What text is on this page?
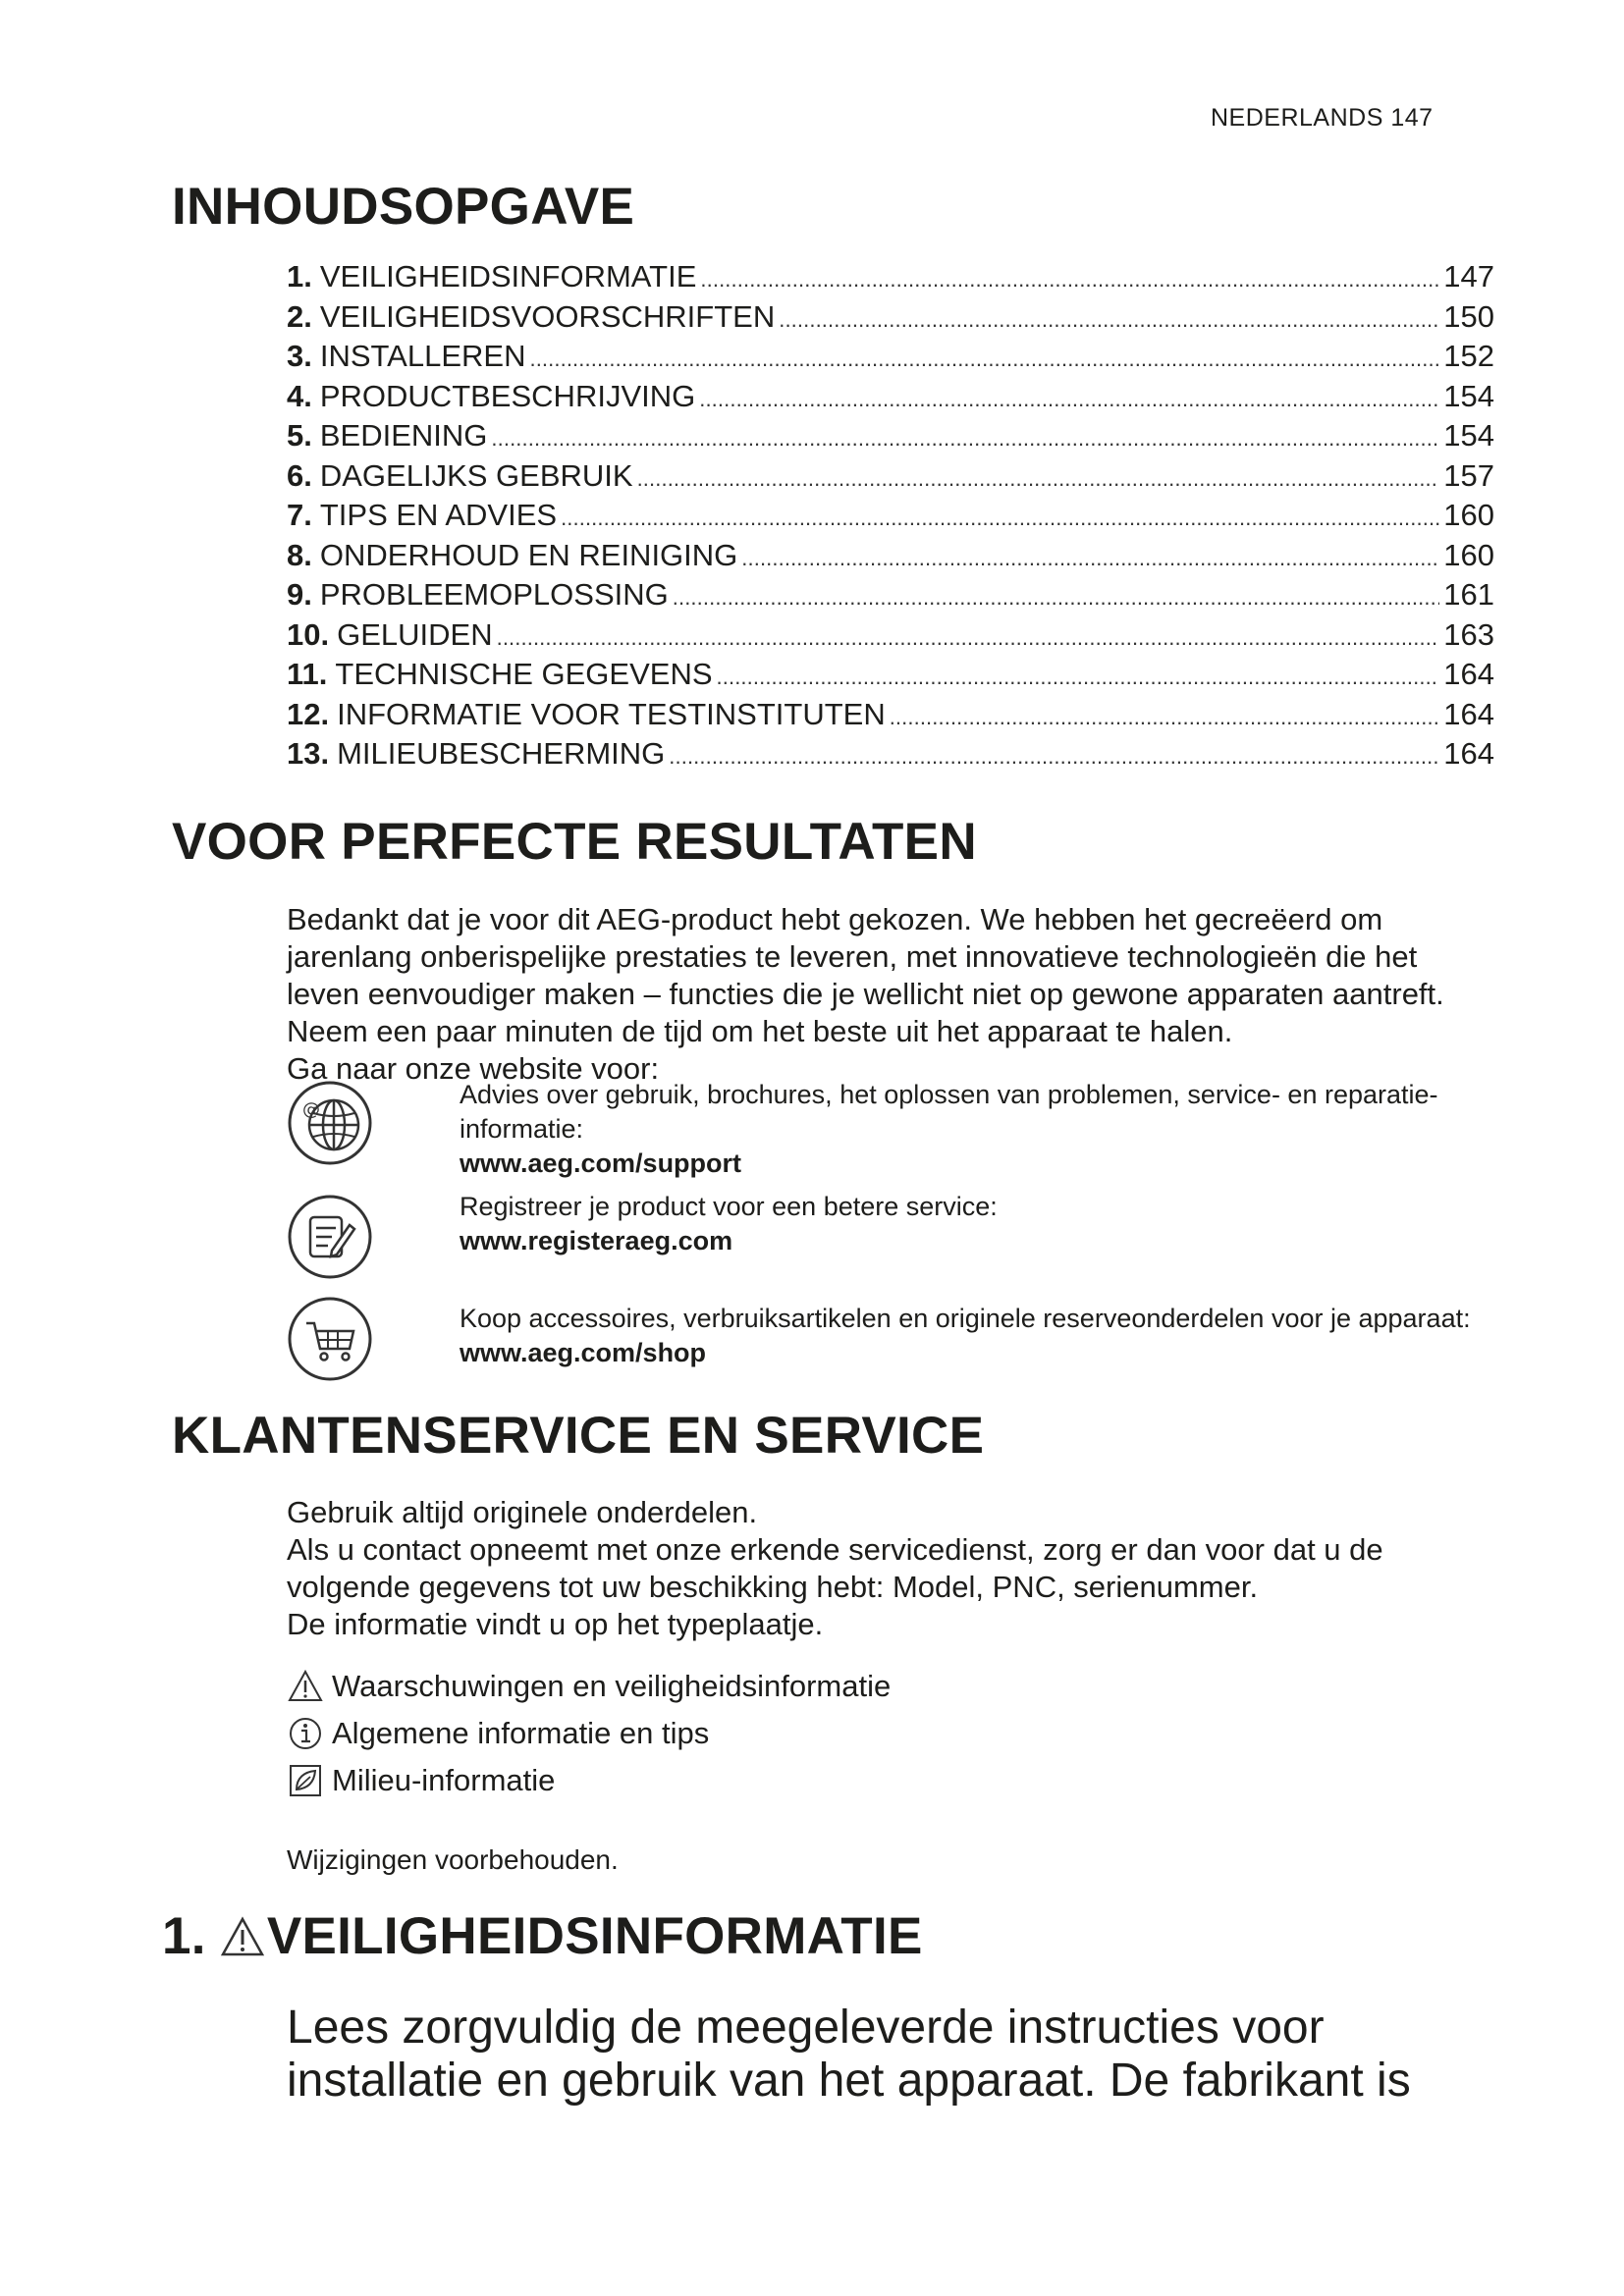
NEDERLANDS 147
INHOUDSOPGAVE
1. VEILIGHEIDSINFORMATIE . . .	147
2. VEILIGHEIDSVOORSCHRIFTEN . . .	150
3. INSTALLEREN . . .	152
4. PRODUCTBESCHRIJVING . . .	154
5. BEDIENING . . .	154
6. DAGELIJKS GEBRUIK . . .	157
7. TIPS EN ADVIES . . .	160
8. ONDERHOUD EN REINIGING . . .	160
9. PROBLEEMOPLOSSING . . .	161
10. GELUIDEN . . .	163
11. TECHNISCHE GEGEVENS . . .	164
12. INFORMATIE VOOR TESTINSTITUTEN . . .	164
13. MILIEUBESCHERMING . . .	164
VOOR PERFECTE RESULTATEN

Bedankt dat je voor dit AEG-product hebt gekozen. We hebben het gecreëerd om jarenlang onberispelijke prestaties te leveren, met innovatieve technologieën die het leven eenvoudiger maken – functies die je wellicht niet op gewone apparaten aantreft. Neem een paar minuten de tijd om het beste uit het apparaat te halen.
Ga naar onze website voor:

@
Advies over gebruik, brochures, het oplossen van problemen, service- en reparatie-informatie:
www.aeg.com/support
Registreer je product voor een betere service:
www.registeraeg.com
Koop accessoires, verbruiksartikelen en originele reserveonderdelen voor je apparaat:
www.aeg.com/shop
KLANTENSERVICE EN SERVICE

Gebruik altijd originele onderdelen.
Als u contact opneemt met onze erkende servicedienst, zorg er dan voor dat u de volgende gegevens tot uw beschikking hebt: Model, PNC, serienummer.
De informatie vindt u op het typeplaatje.

Waarschuwingen en veiligheidsinformatie
Algemene informatie en tips
Milieu-informatie
Wijzigingen voorbehouden.
1. VEILIGHEIDSINFORMATIE

Lees zorgvuldig de meegeleverde instructies voor installatie en gebruik van het apparaat. De fabrikant is
